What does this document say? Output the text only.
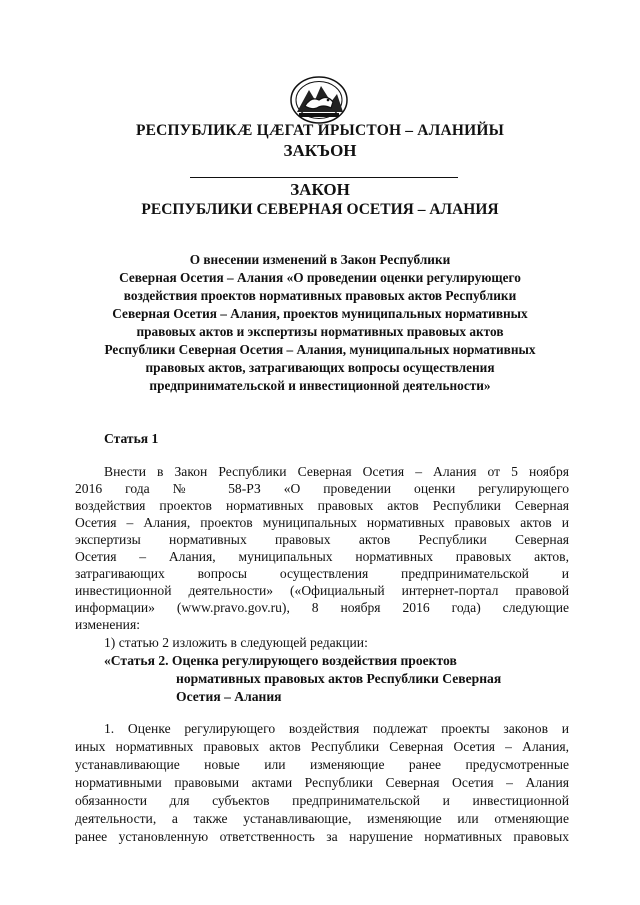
РЕСПУБЛИКÆ ЦÆГАТ ИРЫСТОН – АЛАНИЙЫ
ЗАКЪОН
ЗАКОН
РЕСПУБЛИКИ СЕВЕРНАЯ ОСЕТИЯ – АЛАНИЯ
О внесении изменений в Закон Республики
Северная Осетия – Алания «О проведении оценки регулирующего
воздействия проектов нормативных правовых актов Республики
Северная Осетия – Алания, проектов муниципальных нормативных
правовых актов и экспертизы нормативных правовых актов
Республики Северная Осетия – Алания, муниципальных нормативных
правовых актов, затрагивающих вопросы осуществления
предпринимательской и инвестиционной деятельности»
Статья 1
Внести в Закон Республики Северная Осетия – Алания от 5 ноября
2016 года № 58-РЗ «О проведении оценки регулирующего
воздействия проектов нормативных правовых актов Республики Северная
Осетия – Алания, проектов муниципальных нормативных правовых актов и
экспертизы нормативных правовых актов Республики Северная
Осетия – Алания, муниципальных нормативных правовых актов,
затрагивающих вопросы осуществления предпринимательской и
инвестиционной деятельности» («Официальный интернет-портал правовой
информации» (www.pravo.gov.ru), 8 ноября 2016 года) следующие
изменения:
1) статью 2 изложить в следующей редакции:
«Статья 2. Оценка регулирующего воздействия проектов
нормативных правовых актов Республики Северная
Осетия – Алания
1. Оценке регулирующего воздействия подлежат проекты законов и
иных нормативных правовых актов Республики Северная Осетия – Алания,
устанавливающие новые или изменяющие ранее предусмотренные
нормативными правовыми актами Республики Северная Осетия – Алания
обязанности для субъектов предпринимательской и инвестиционной
деятельности, а также устанавливающие, изменяющие или отменяющие
ранее установленную ответственность за нарушение нормативных правовых
